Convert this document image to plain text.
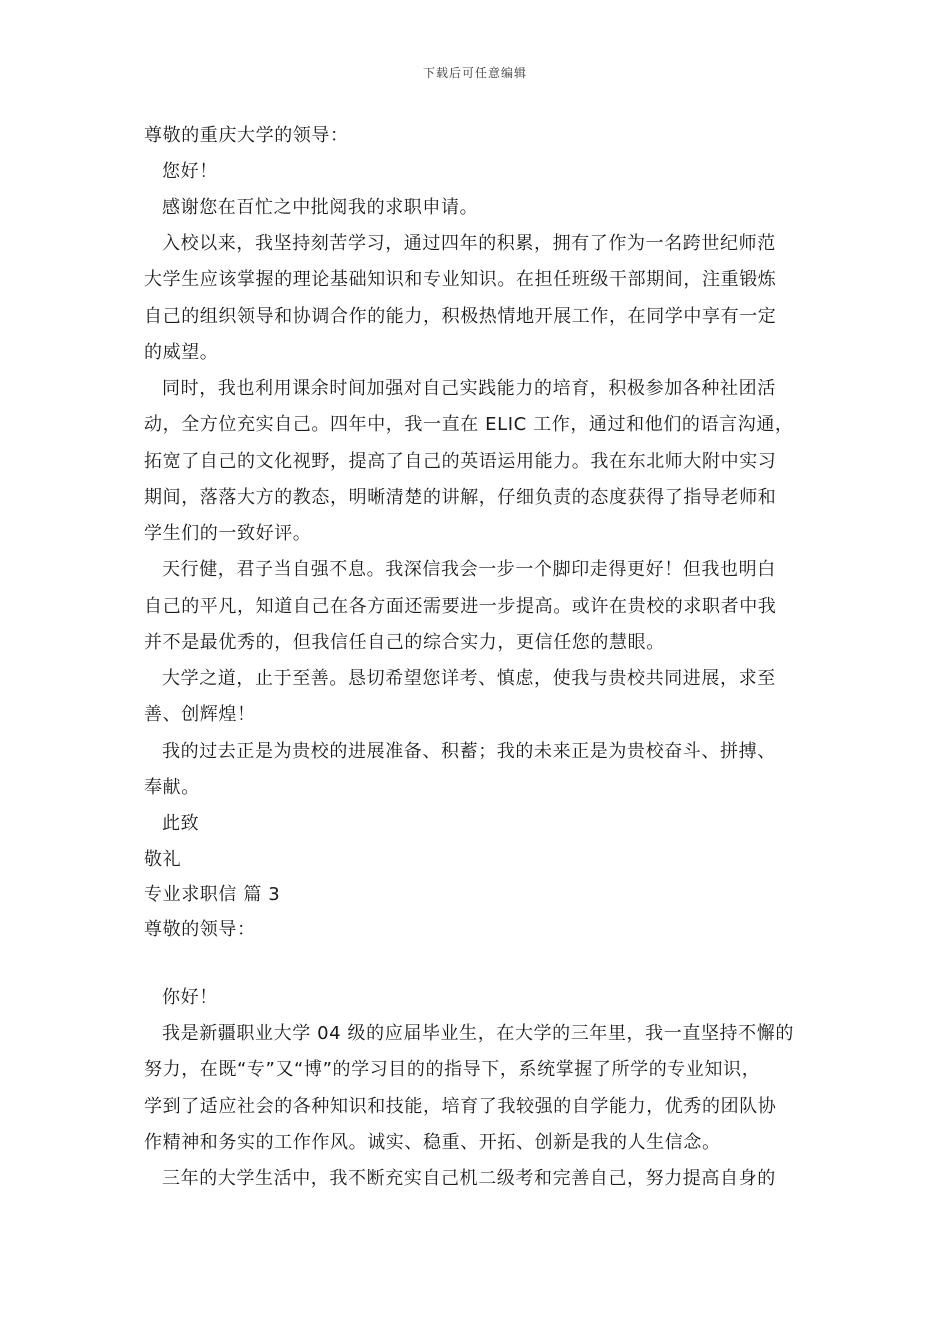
下载后可任意编辑
尊敬的重庆大学的领导：
您好！
感谢您在百忙之中批阅我的求职申请。
入校以来，我坚持刻苦学习，通过四年的积累，拥有了作为一名跨世纪师范
大学生应该掌握的理论基础知识和专业知识。在担任班级干部期间，注重锻炼
自己的组织领导和协调合作的能力，积极热情地开展工作，在同学中享有一定
的威望。
同时，我也利用课余时间加强对自己实践能力的培育，积极参加各种社团活
动，全方位充实自己。四年中，我一直在 ELIC 工作，通过和他们的语言沟通，
拓宽了自己的文化视野，提高了自己的英语运用能力。我在东北师大附中实习
期间，落落大方的教态，明晰清楚的讲解，仔细负责的态度获得了指导老师和
学生们的一致好评。
天行健，君子当自强不息。我深信我会一步一个脚印走得更好！但我也明白
自己的平凡，知道自己在各方面还需要进一步提高。或许在贵校的求职者中我
并不是最优秀的，但我信任自己的综合实力，更信任您的慧眼。
大学之道，止于至善。恳切希望您详考、慎虑，使我与贵校共同进展，求至
善、创辉煌！
我的过去正是为贵校的进展准备、积蓄；我的未来正是为贵校奋斗、拼搏、
奉献。
此致
敬礼
专业求职信 篇 3
尊敬的领导：
你好！
我是新疆职业大学 04 级的应届毕业生，在大学的三年里，我一直坚持不懈的
努力，在既“专”又“博”的学习目的的指导下，系统掌握了所学的专业知识，
学到了适应社会的各种知识和技能，培育了我较强的自学能力，优秀的团队协
作精神和务实的工作作风。诚实、稳重、开拓、创新是我的人生信念。
三年的大学生活中，我不断充实自己机二级考和完善自己，努力提高自身的
